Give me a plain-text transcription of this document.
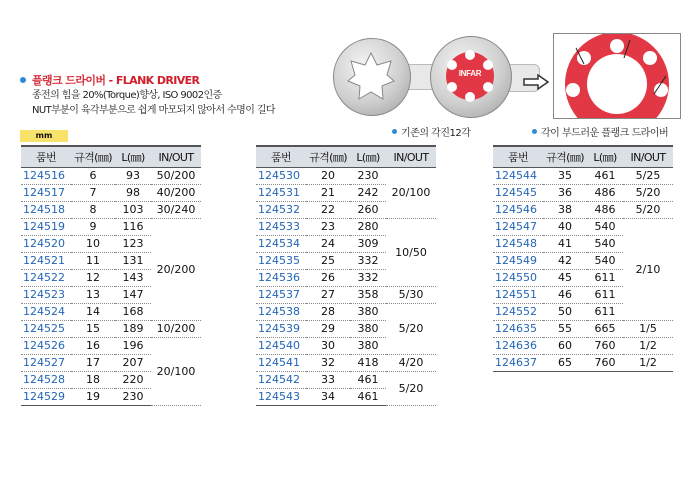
플랭크 드라이버 - FLANK DRIVER
종전의 힘을 20%(Torque)향상, ISO 9002인증
NUT부분이 육각부분으로 쉽게 마모되지 않아서 수명이 길다
mm
INFAR
기존의 각진12각	각이 부드러운 플랭크 드라이버
품번	규격(㎜)	L(㎜)	IN/OUT
124516	6	93	50/200
124517	7	98	40/200
124518	8	103	30/240
124519	9	116	20/200
124520	10	123	
124521	11	131	
124522	12	143	
124523	13	147	
124524	14	168	
124525	15	189	10/200
124526	16	196	20/100
124527	17	207	
124528	18	220	
124529	19	230	
품번	규격(㎜)	L(㎜)	IN/OUT
124530	20	230	20/100
124531	21	242	
124532	22	260	
124533	23	280	10/50
124534	24	309	
124535	25	332	
124536	26	332	
124537	27	358	5/30
124538	28	380	5/20
124539	29	380	
124540	30	380	
124541	32	418	4/20
124542	33	461	5/20
124543	34	461	
품번	규격(㎜)	L(㎜)	IN/OUT
124544	35	461	5/25
124545	36	486	5/20
124546	38	486	5/20
124547	40	540	2/10
124548	41	540	
124549	42	540	
124550	45	611	
124551	46	611	
124552	50	611	
124635	55	665	1/5
124636	60	760	1/2
124637	65	760	1/2
